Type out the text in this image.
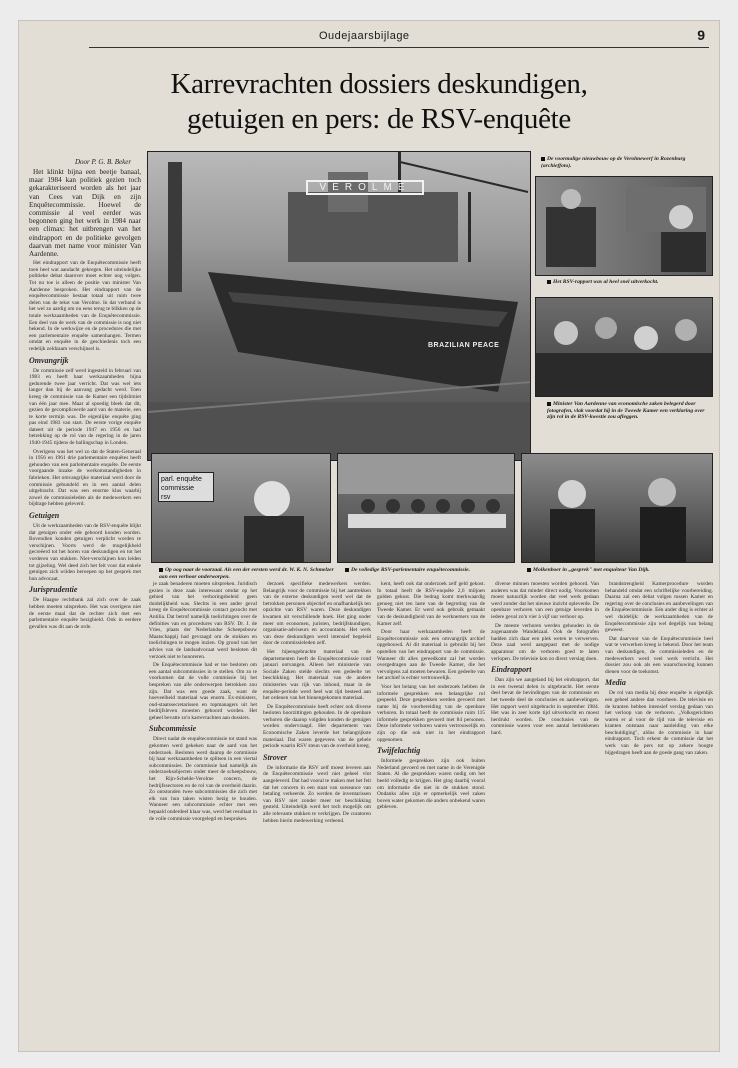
Oudejaarsbijlage	9
Karrevrachten dossiers deskundigen,
getuigen en pers: de RSV-enquête
Door P. G. B. Beker

Het klinkt bijna een beetje banaal, maar 1984 kan politiek gezien toch gekarakteriseerd worden als het jaar van Cees van Dijk en zijn Enquêtecommissie. Hoewel de commissie al veel eerder was begonnen ging het werk in 1984 naar een climax: het uitbrengen van het eindrapport en de politieke gevolgen daarvan met name voor minister Van Aardenne.

Het eindrapport van de Enquêtecommissie heeft toen heel wat aandacht gekregen. Het uiteindelijke politieke debat daarover moet echter nog volgen. Tot nu toe is alleen de positie van minister Van Aardenne besproken. Het eindrapport van de enquêtecommissie bestaat totaal uit ruim twee delen van de tekst van Verolme. In dat verband is het wel zo aardig om nu eens terug te blikken op de totale werkzaamheden van de Enquêtecommissie. Een deel van de werk van de commissie is nog niet bekend. In de werkwijze en de procedures die met een parlementaire enquête samenhangen. Termen omdat en enquête in de geschiedenis toch een redelijk zeldzaam verschijnsel is.

Omvangrijk

De commissie zelf werd ingesteld in februari van 1983 en heeft haar werkzaamheden bijna gedurende twee jaar verricht. Dat was wel iets langer dan bij de aanvang gedacht werd. Toen kreeg de commissie van de Kamer een tijdslimiet van één jaar mee. Maar al spoedig bleek dat dit, gezien de gecompliceerde aard van de materie, een te korte termijn was. De eigenlijke enquête ging pas eind 1983 van start. De eerste vorige enquête dateert uit de periode 1947 en 1956 en had betrekking op de rol van de regering in de jaren 1940-1945 tijdens de ballingschap in Londen.

Overigens was het wel zo dat de Staten-Generaal in 1956 en 1961 drie parlementaire enquêtes heeft gehouden van een parlementaire enquête. De eerste voorgaande inzake de werkomstandigheden in fabrieken. Het omvangrijke materiaal werd door de commissie gebundeld en in een aantal delen uitgebracht. Dat was een enorme klus waarbij zowel de commissieleden als de medewerkers een bijdrage hebben geleverd.

Getuigen

Uit de werkzaamheden van de RSV-enquête blijkt dat getuigen onder ede gehoord konden worden. Bovendien konden getuigen verplicht worden te verschijnen. Voorts werd de mogelijkheid gecreëerd tot het horen van deskundigen en tot het vorderen van stukken. Niet-verschijnen kon leiden tot gijzeling. Wel deed zich het feit voor dat enkele getuigen zich wilden beroepen op het gesprek met hun advocaat.

Jurisprudentie

De Haagse rechtbank zal zich over de zaak hebben moeten uitspreken. Het was overigens niet de eerste maal dat de rechter zich met een parlementaire enquête bezighield. Ook in eerdere gevallen was dit aan de orde.

VEROLME
BRAZILIAN PEACE
De voormalige nieuwbouw op de Verolmewerf in Rozenburg (archieffoto).
Het RSV-rapport was al heel snel uitverkocht.
Minister Van Aardenne van economische zaken belegerd door fotografen, vlak voordat hij in de Tweede Kamer een verklaring over zijn rol in de RSV-kwestie zou afleggen.
parl. enquête
commissie
rsv
Op oog naar de voorzaal. Als een der eersten werd dr. W. K. N. Schmelzer aan een verhoor onderworpen.
De volledige RSV-parlementaire enquêtecommissie.	Molkenboer in „gesprek" met enquêteur Van Dijk.

je zaak benaderen moeten uitspreken. Juridisch gezien is deze zaak interessant omdat op het gebied van het verhoringsbeleid geen duidelijkheid was. Slechts in een ander geval kreeg de Enquêtecommissie contact gezocht met Antilia. Dat betrof namelijk toelichtingen over de definities van en procedures van RSV. Dr. J. de Vries, plaats der Nederlandse Scheepsbouw Maatschappij had gevraagd om de stukken en toelichtingen te mogen inzien. Op grond van het advies van de landsadvocaat werd besloten dit verzoek niet te honoreren.

De Enquêtecommissie had er toe besloten om een aantal subcommissies in te stellen. Om zo te voorkomen dat de volle commissie bij het bespreken van alle onderwerpen betrokken zou zijn. Dat was een goede zaak, want de hoeveelheid materiaal was enorm. Ex-ministers, oud-staatssecretarissen en topmanagers uit het bedrijfsleven moesten gehoord worden. Het geheel bevatte zo'n karrevrachten aan dossiers.

Subcommissie

Direct nadat de enquêtecommissie tot stand was gekomen werd gekeken naar de aard van het onderzoek. Besloten werd daarop de commissie bij haar werkzaamheden te splitsen in een viertal subcommissies. De commissie had namelijk als onderzoeksobjecten onder meer de scheepsbouw, het Rijn-Schelde-Verolme concern, de bedrijfssectoren en de rol van de overheid daarin. Zo ontstonden twee subcommissies die zich met elk van hun taken wisten bezig te houden. Wanneer een subcommissie echter met een bepaald onderdeel klaar was, werd het resultaat in de volle commissie voorgelegd en besproken.

derzoek specifieke medewerkers werden. Belangrijk voor de commissie bij het aantrekken van de externe deskundigen werd wel dat de betrokken personen objectief en onafhankelijk ten opzichte van RSV waren. Deze deskundigen kwamen uit verschillende hoek. Het ging onder meer om economen, juristen, bedrijfskundigen, organisatie-adviseurs en accountants. Het werk van deze deskundigen werd intensief begeleid door de commissieleden zelf.

Het bijeengebrachte materiaal van de departementen heeft de Enquêtecommissie rond januari ontvangen. Alleen het ministerie van Sociale Zaken stelde slechts een gedeelte ter beschikking. Het materiaal van de andere ministeries was rijk van inhoud, maar in de enquête-periode werd heel wat tijd besteed aan het ordenen van het binnengekomen materiaal.

De Enquêtecommissie heeft echter ook diverse besloten hoorzittingen gehouden. In de openbare verhoren die daarop volgden konden de getuigen worden ondervraagd. Het departement van Economische Zaken leverde het belangrijkste materiaal. Dat waren gegevens van de gehele periode waarin RSV steun van de overheid kreeg.

Strover

De informatie die RSV zelf moest leveren aan de Enquêtecommissie werd niet geheel vlot aangeleverd. Dat had vooral te maken met het feit dat het concern in een staat van surseance van betaling verkeerde. Zo werden de inventarissen van RSV niet zonder meer ter beschikking gesteld. Uiteindelijk werd het toch mogelijk om alle relevante stukken te verkrijgen. De curatoren hebben hierin medewerking verleend.

kent, heeft ook dat onderzoek zelf geld gekost. In totaal heeft de RSV-enquête 2,6 miljoen gulden gekost. Die bedrag komt merkwaardig genoeg niet ten laste van de begroting van de Tweede Kamer. Er werd ook gebruik gemaakt van de deskundigheid van de werknemers van de Kamer zelf.

Door haar werkzaamheden heeft de Enquêtecommissie ook een omvangrijk archief opgebouwd. Al dit materiaal is gebruikt bij het opstellen van het eindrapport van de commissie. Wanneer dit alles gereedkomt zal het worden overgedragen aan de Tweede Kamer, die het vervolgens zal moeten bewaren. Een gedeelte van het archief is echter vertrouwelijk.

Voor het belang van het onderzoek hebben de informele gesprekken een belangrijke rol gespeeld. Deze gesprekken werden gevoerd met name bij de voorbereiding van de openbare verhoren. In totaal heeft de commissie ruim 115 informele gesprekken gevoerd met 84 personen. Deze informele verhoren waren vertrouwelijk en zijn op die ook niet in het eindrapport opgenomen.

Twijfelachtig

Informele gesprekken zijn ook buiten Nederland gevoerd en met name in de Verenigde Staten. Al die gesprekken waren nodig om het beeld volledig te krijgen. Het ging daarbij vooral om informatie die niet in de stukken stond. Ondanks alles zijn er opmerkelijk veel zaken boven water gekomen die anders onbekend waren gebleven.

diverse minnen moesten worden gehoord. Van anderen was dat minder direct nodig. Voorkomen moest natuurlijk worden dat veel werk gedaan werd zonder dat het nieuwe inzicht opleverde. De openbare verhoren van een getuige leverden in iedere geval zo'n vier à vijf uur verhoor op.

De meeste verhoren werden gehouden in de zogenaamde Wandelzaal. Ook de fotografen hadden zich daar een plek weten te verwerven. Deze zaal werd aangepast met de nodige apparatuur om de verhoren goed te laten verlopen. De televisie kon zo direct verslag doen.

Eindrapport

Dan zijn we aangeland bij het eindrapport, dat in een tweetal delen is uitgebracht. Het eerste deel bevat de bevindingen van de commissie en het tweede deel de conclusies en aanbevelingen. Het rapport werd uitgebracht in september 1984. Het was in zeer korte tijd uitverkocht en moest herdrukt worden. De conclusies van de commissie waren voor een aantal betrokkenen hard.

brandstrengheid Kamerprocedure worden behandeld omdat een schriftelijke voorbereiding. Daarna zal een debat volgen tussen Kamer en regering over de conclusies en aanbevelingen van de Enquêtecommissie. Eén ander ding is echter al wel duidelijk: de werkzaamheden van de Enquêtecommissie zijn wel degelijk van belang geweest.

Dat daarvoor van de Enquêtecommissie heel wat te verwerken kreeg is bekend. Door het team van deskundigen, de commissieleden en de medewerkers werd veel werk verricht. Het dossier zou ook als een waarschuwing kunnen dienen voor de toekomst.

Media

De rol van media bij deze enquête is eigenlijk een geheel andere dan voorheen. De televisie en de kranten hebben intensief verslag gedaan van het verloop van de verhoren. „Volksgerichten waren er al voor de tijd van de televisie en kranten ontstaan naar aanleiding van elke beschuldiging", aldus de commissie in haar eindrapport. Toch erkent de commissie dat het werk van de pers tot op zekere hoogte bijgedragen heeft aan de goede gang van zaken.
